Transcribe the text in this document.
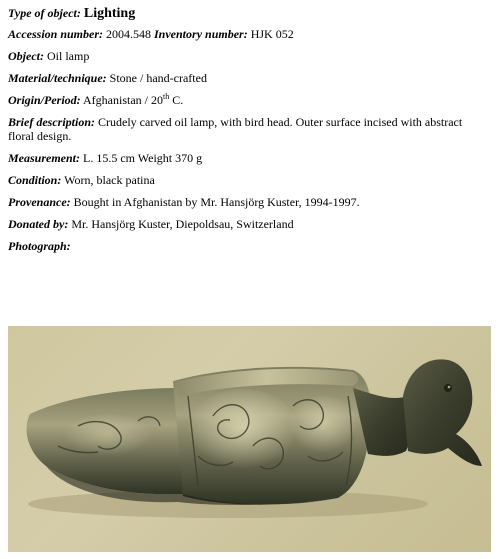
Type of object: Lighting
Accession number: 2004.548 Inventory number: HJK 052
Object: Oil lamp
Material/technique: Stone / hand-crafted
Origin/Period: Afghanistan / 20th C.
Brief description: Crudely carved oil lamp, with bird head. Outer surface incised with abstract floral design.
Measurement: L. 15.5 cm Weight 370 g
Condition: Worn, black patina
Provenance: Bought in Afghanistan by Mr. Hansjörg Kuster, 1994-1997.
Donated by: Mr. Hansjörg Kuster, Diepoldsau, Switzerland
Photograph:
